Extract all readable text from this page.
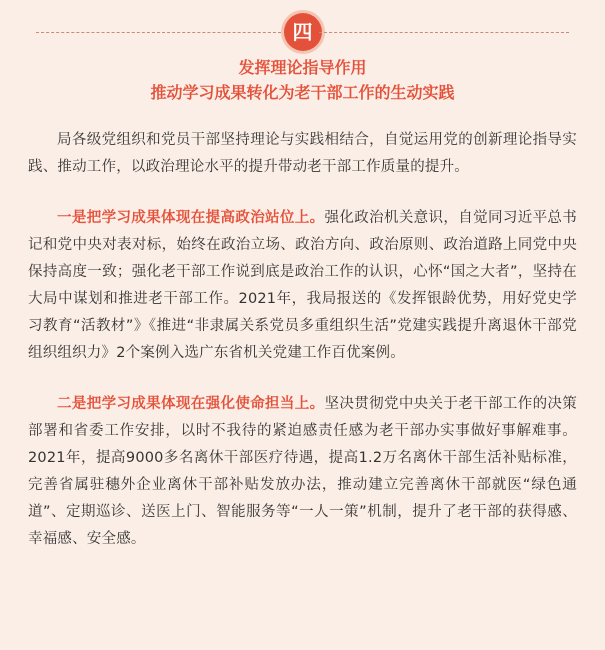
四
发挥理论指导作用
推动学习成果转化为老干部工作的生动实践

局各级党组织和党员干部坚持理论与实践相结合，自觉运用党的创新理论指导实践、推动工作，以政治理论水平的提升带动老干部工作质量的提升。

一是把学习成果体现在提高政治站位上。强化政治机关意识，自觉同习近平总书记和党中央对表对标，始终在政治立场、政治方向、政治原则、政治道路上同党中央保持高度一致；强化老干部工作说到底是政治工作的认识，心怀“国之大者”，坚持在大局中谋划和推进老干部工作。2021年，我局报送的《发挥银龄优势，用好党史学习教育“活教材”》《推进“非隶属关系党员多重组织生活”党建实践提升离退休干部党组织组织力》2个案例入选广东省机关党建工作百优案例。

二是把学习成果体现在强化使命担当上。坚决贯彻党中央关于老干部工作的决策部署和省委工作安排，以时不我待的紧迫感责任感为老干部办实事做好事解难事。2021年，提高9000多名离休干部医疗待遇，提高1.2万名离休干部生活补贴标准，完善省属驻穗外企业离休干部补贴发放办法，推动建立完善离休干部就医“绿色通道”、定期巡诊、送医上门、智能服务等“一人一策”机制，提升了老干部的获得感、幸福感、安全感。
